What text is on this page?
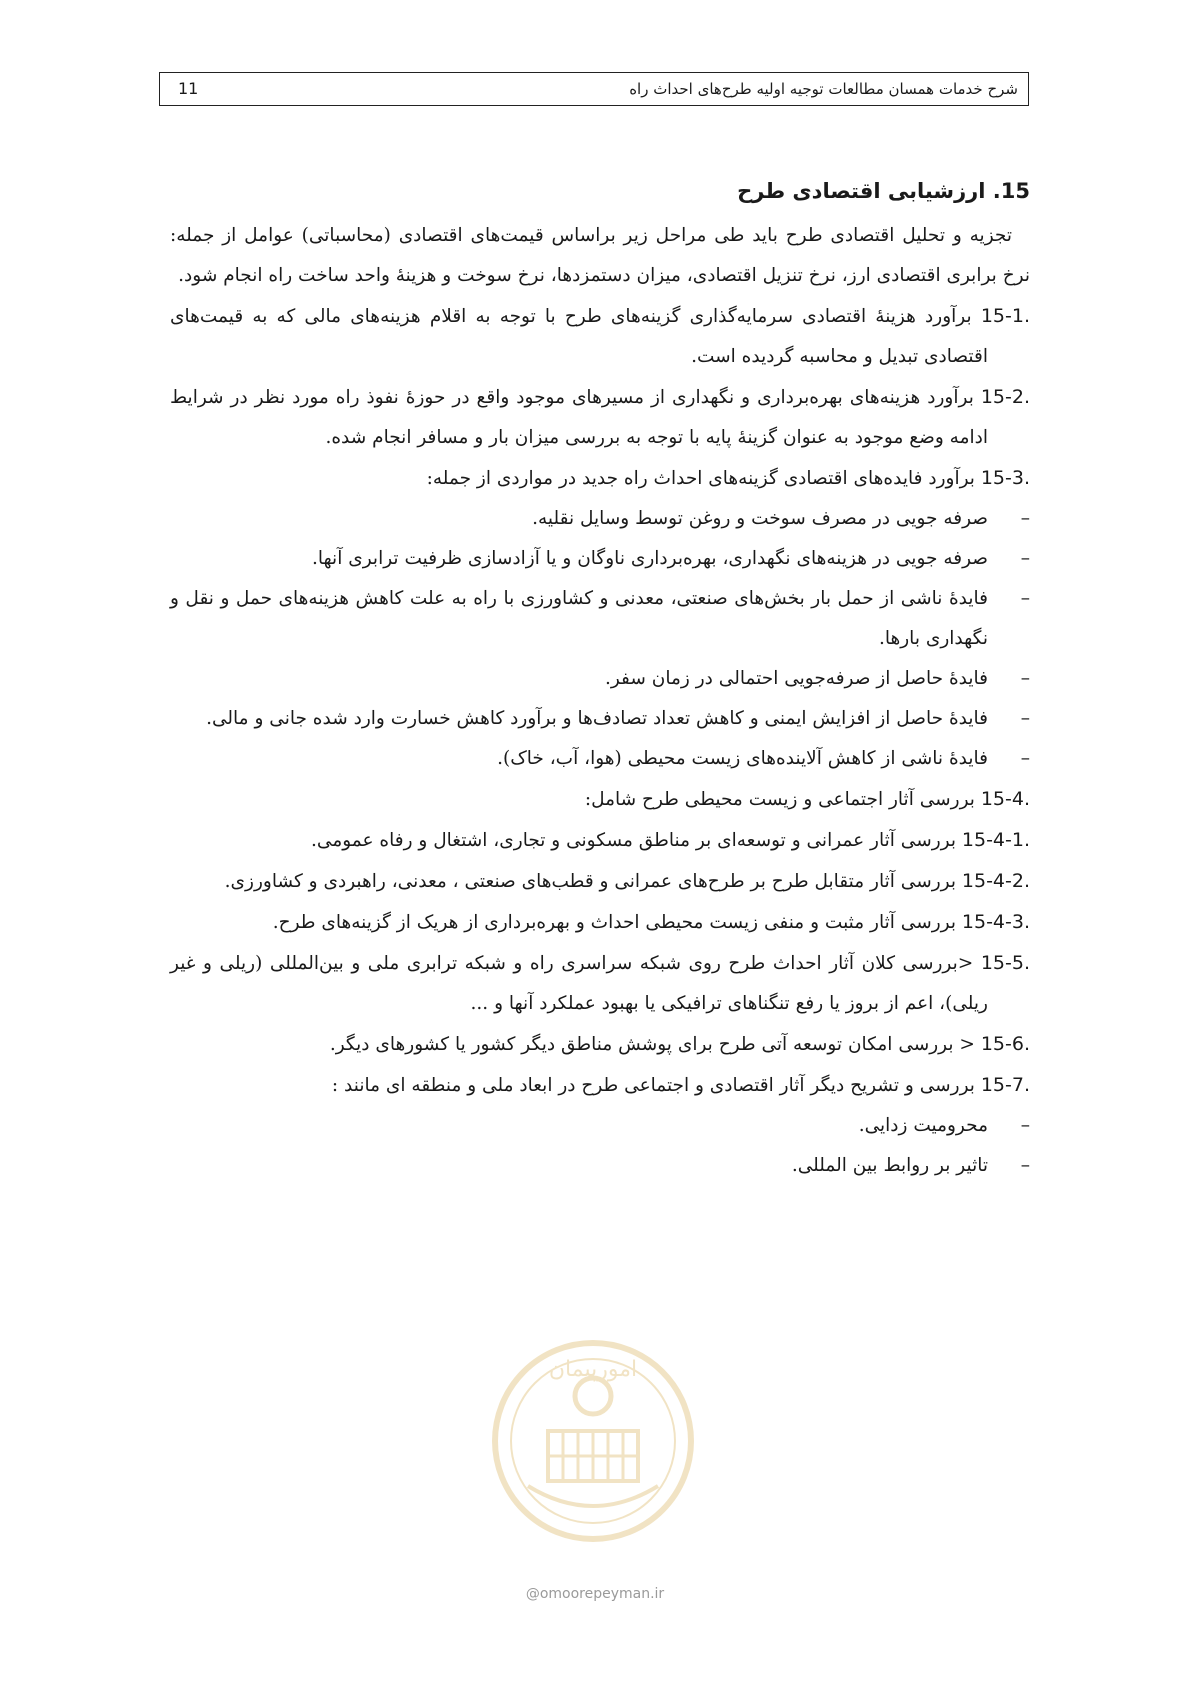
شرح خدمات همسان مطالعات توجیه اولیه طرح‌های احداث راه
11
15. ارزشیابی اقتصادی طرح

تجزیه و تحلیل اقتصادی طرح باید طی مراحل زیر براساس قیمت‌های اقتصادی (محاسباتی) عوامل از جمله: نرخ برابری اقتصادی ارز، نرخ تنزیل اقتصادی، میزان دستمزدها، نرخ سوخت و هزینهٔ واحد ساخت راه انجام شود.

15-1. برآورد هزینهٔ اقتصادی سرمایه‌گذاری گزینه‌های طرح با توجه به اقلام هزینه‌های مالی که به قیمت‌های اقتصادی تبدیل و محاسبه گردیده است.

15-2. برآورد هزینه‌های بهره‌برداری و نگهداری از مسیرهای موجود واقع در حوزهٔ نفوذ راه مورد نظر در شرایط ادامه وضع موجود به عنوان گزینهٔ پایه با توجه به بررسی میزان بار و مسافر انجام شده.

15-3. برآورد فایده‌های اقتصادی گزینه‌های احداث راه جدید در مواردی از جمله:

–صرفه جویی در مصرف سوخت و روغن توسط وسایل نقلیه.

–صرفه جویی در هزینه‌های نگهداری، بهره‌برداری ناوگان و یا آزادسازی ظرفیت ترابری آنها.

–فایدهٔ ناشی از حمل بار بخش‌های صنعتی، معدنی و کشاورزی با راه به علت کاهش هزینه‌های حمل و نقل و نگهداری بارها.

–فایدهٔ حاصل از صرفه‌جویی احتمالی در زمان سفر.

–فایدهٔ حاصل از افزایش ایمنی و کاهش تعداد تصادف‌ها و برآورد کاهش خسارت وارد شده جانی و مالی.

–فایدهٔ ناشی از کاهش آلاینده‌های زیست محیطی (هوا، آب، خاک).

15-4. بررسی آثار اجتماعی و زیست محیطی طرح شامل:

15-4-1. بررسی آثار عمرانی و توسعه‌ای بر مناطق مسکونی و تجاری، اشتغال و رفاه عمومی.

15-4-2. بررسی آثار متقابل طرح بر طرح‌های عمرانی و قطب‌های صنعتی ، معدنی، راهبردی و کشاورزی.

15-4-3. بررسی آثار مثبت و منفی زیست محیطی احداث و بهره‌برداری از هریک از گزینه‌های طرح.

15-5. <بررسی کلان آثار احداث طرح روی شبکه سراسری راه و شبکه ترابری ملی و بین‌المللی (ریلی و غیر ریلی)، اعم از بروز یا رفع تنگناهای ترافیکی یا بهبود عملکرد آنها و ...

15-6. < بررسی امکان توسعه آتی طرح برای پوشش مناطق دیگر کشور یا کشورهای دیگر.

15-7. بررسی و تشریح دیگر آثار اقتصادی و اجتماعی طرح در ابعاد ملی و منطقه ای مانند :

–محرومیت زدایی.

–تاثیر بر روابط بین المللی.

امورپیمان
@omoorepeyman.ir
